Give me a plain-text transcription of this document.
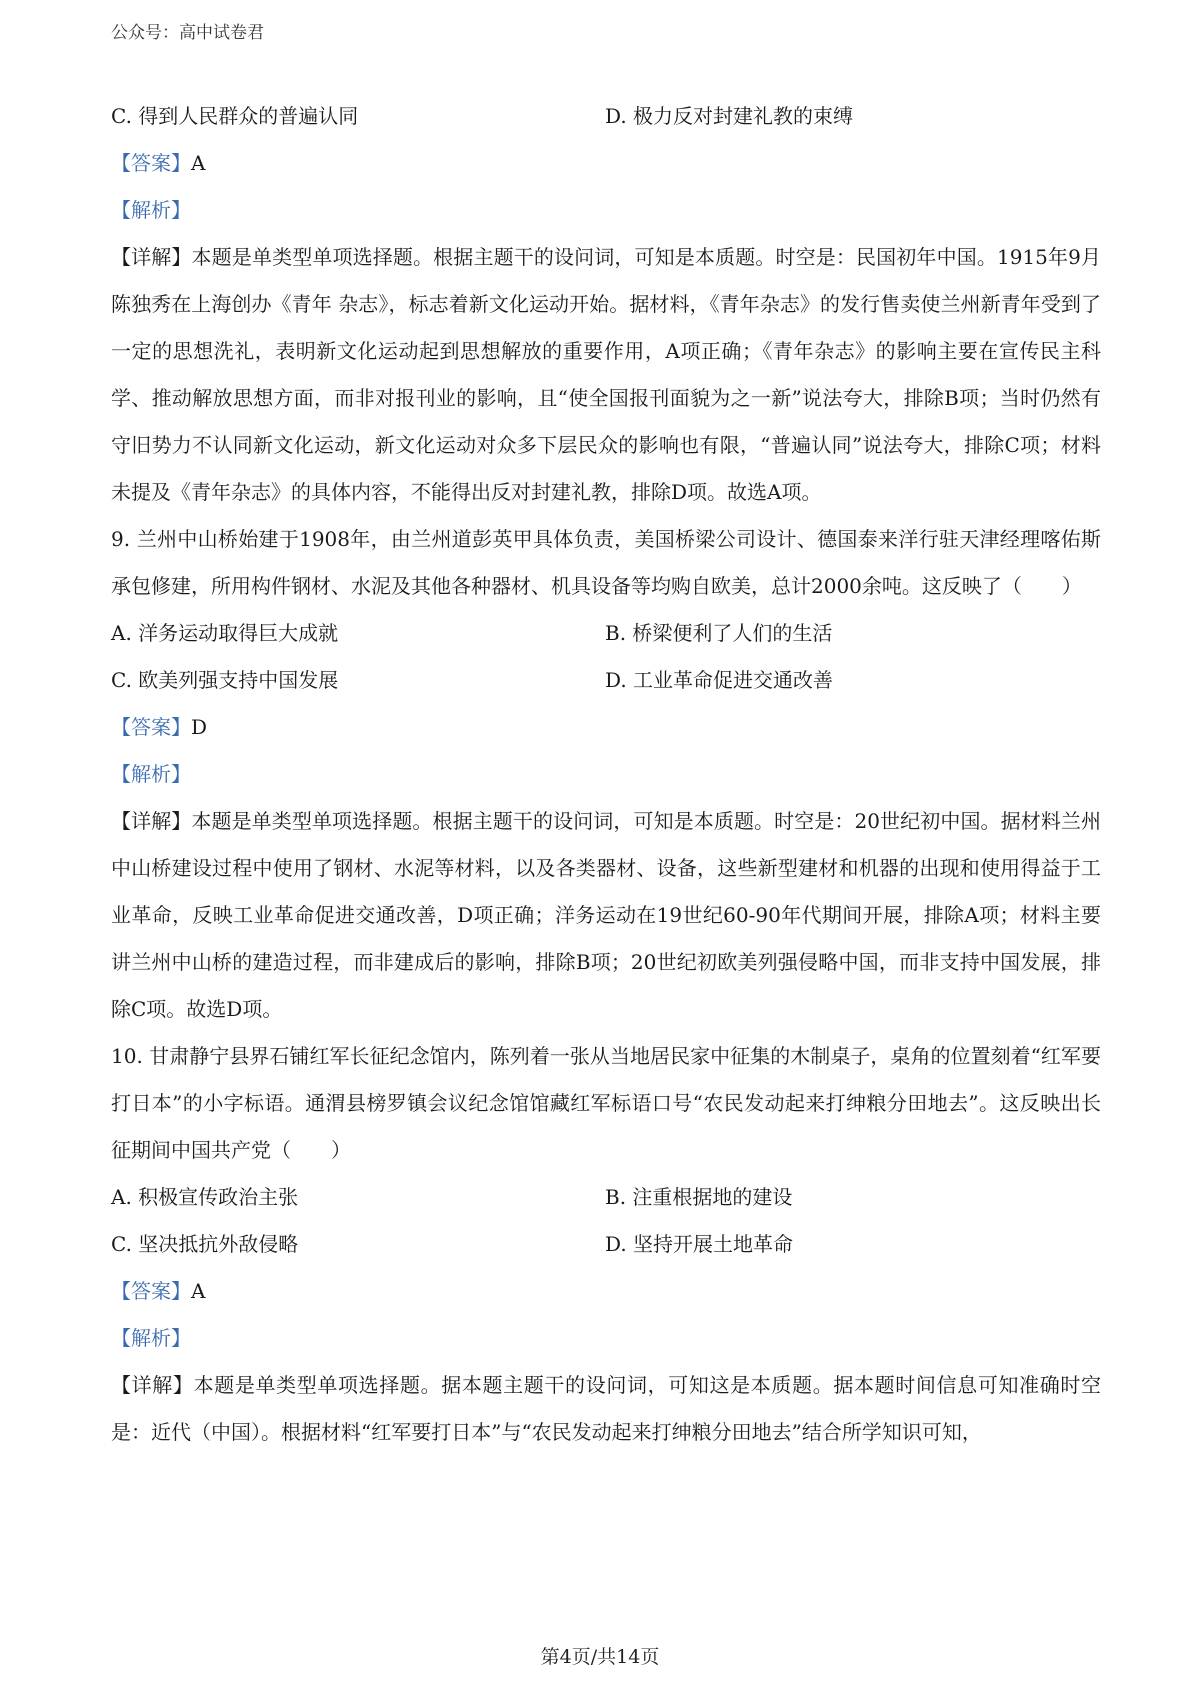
公众号：高中试卷君
C. 得到人民群众的普遍认同	D. 极力反对封建礼教的束缚
【答案】A
【解析】
【详解】本题是单类型单项选择题。根据主题干的设问词，可知是本质题。时空是：民国初年中国。1915年9月陈独秀在上海创办《青年 杂志》，标志着新文化运动开始。据材料，《青年杂志》的发行售卖使兰州新青年受到了一定的思想洗礼，表明新文化运动起到思想解放的重要作用，A项正确；《青年杂志》的影响主要在宣传民主科学、推动解放思想方面，而非对报刊业的影响，且“使全国报刊面貌为之一新”说法夸大，排除B项；当时仍然有守旧势力不认同新文化运动，新文化运动对众多下层民众的影响也有限，“普遍认同”说法夸大，排除C项；材料未提及《青年杂志》的具体内容，不能得出反对封建礼教，排除D项。故选A项。
9. 兰州中山桥始建于1908年，由兰州道彭英甲具体负责，美国桥梁公司设计、德国泰来洋行驻天津经理喀佑斯承包修建，所用构件钢材、水泥及其他各种器材、机具设备等均购自欧美，总计2000余吨。这反映了（　　）
A. 洋务运动取得巨大成就	B. 桥梁便利了人们的生活
C. 欧美列强支持中国发展	D. 工业革命促进交通改善
【答案】D
【解析】
【详解】本题是单类型单项选择题。根据主题干的设问词，可知是本质题。时空是：20世纪初中国。据材料兰州中山桥建设过程中使用了钢材、水泥等材料，以及各类器材、设备，这些新型建材和机器的出现和使用得益于工业革命，反映工业革命促进交通改善，D项正确；洋务运动在19世纪60-90年代期间开展，排除A项；材料主要讲兰州中山桥的建造过程，而非建成后的影响，排除B项；20世纪初欧美列强侵略中国，而非支持中国发展，排除C项。故选D项。
10. 甘肃静宁县界石铺红军长征纪念馆内，陈列着一张从当地居民家中征集的木制桌子，桌角的位置刻着“红军要打日本”的小字标语。通渭县榜罗镇会议纪念馆馆藏红军标语口号“农民发动起来打绅粮分田地去”。这反映出长征期间中国共产党（　　）
A. 积极宣传政治主张	B. 注重根据地的建设
C. 坚决抵抗外敌侵略	D. 坚持开展土地革命
【答案】A
【解析】
【详解】本题是单类型单项选择题。据本题主题干的设问词，可知这是本质题。据本题时间信息可知准确时空是：近代（中国）。根据材料“红军要打日本”与“农民发动起来打绅粮分田地去”结合所学知识可知，
第4页/共14页
